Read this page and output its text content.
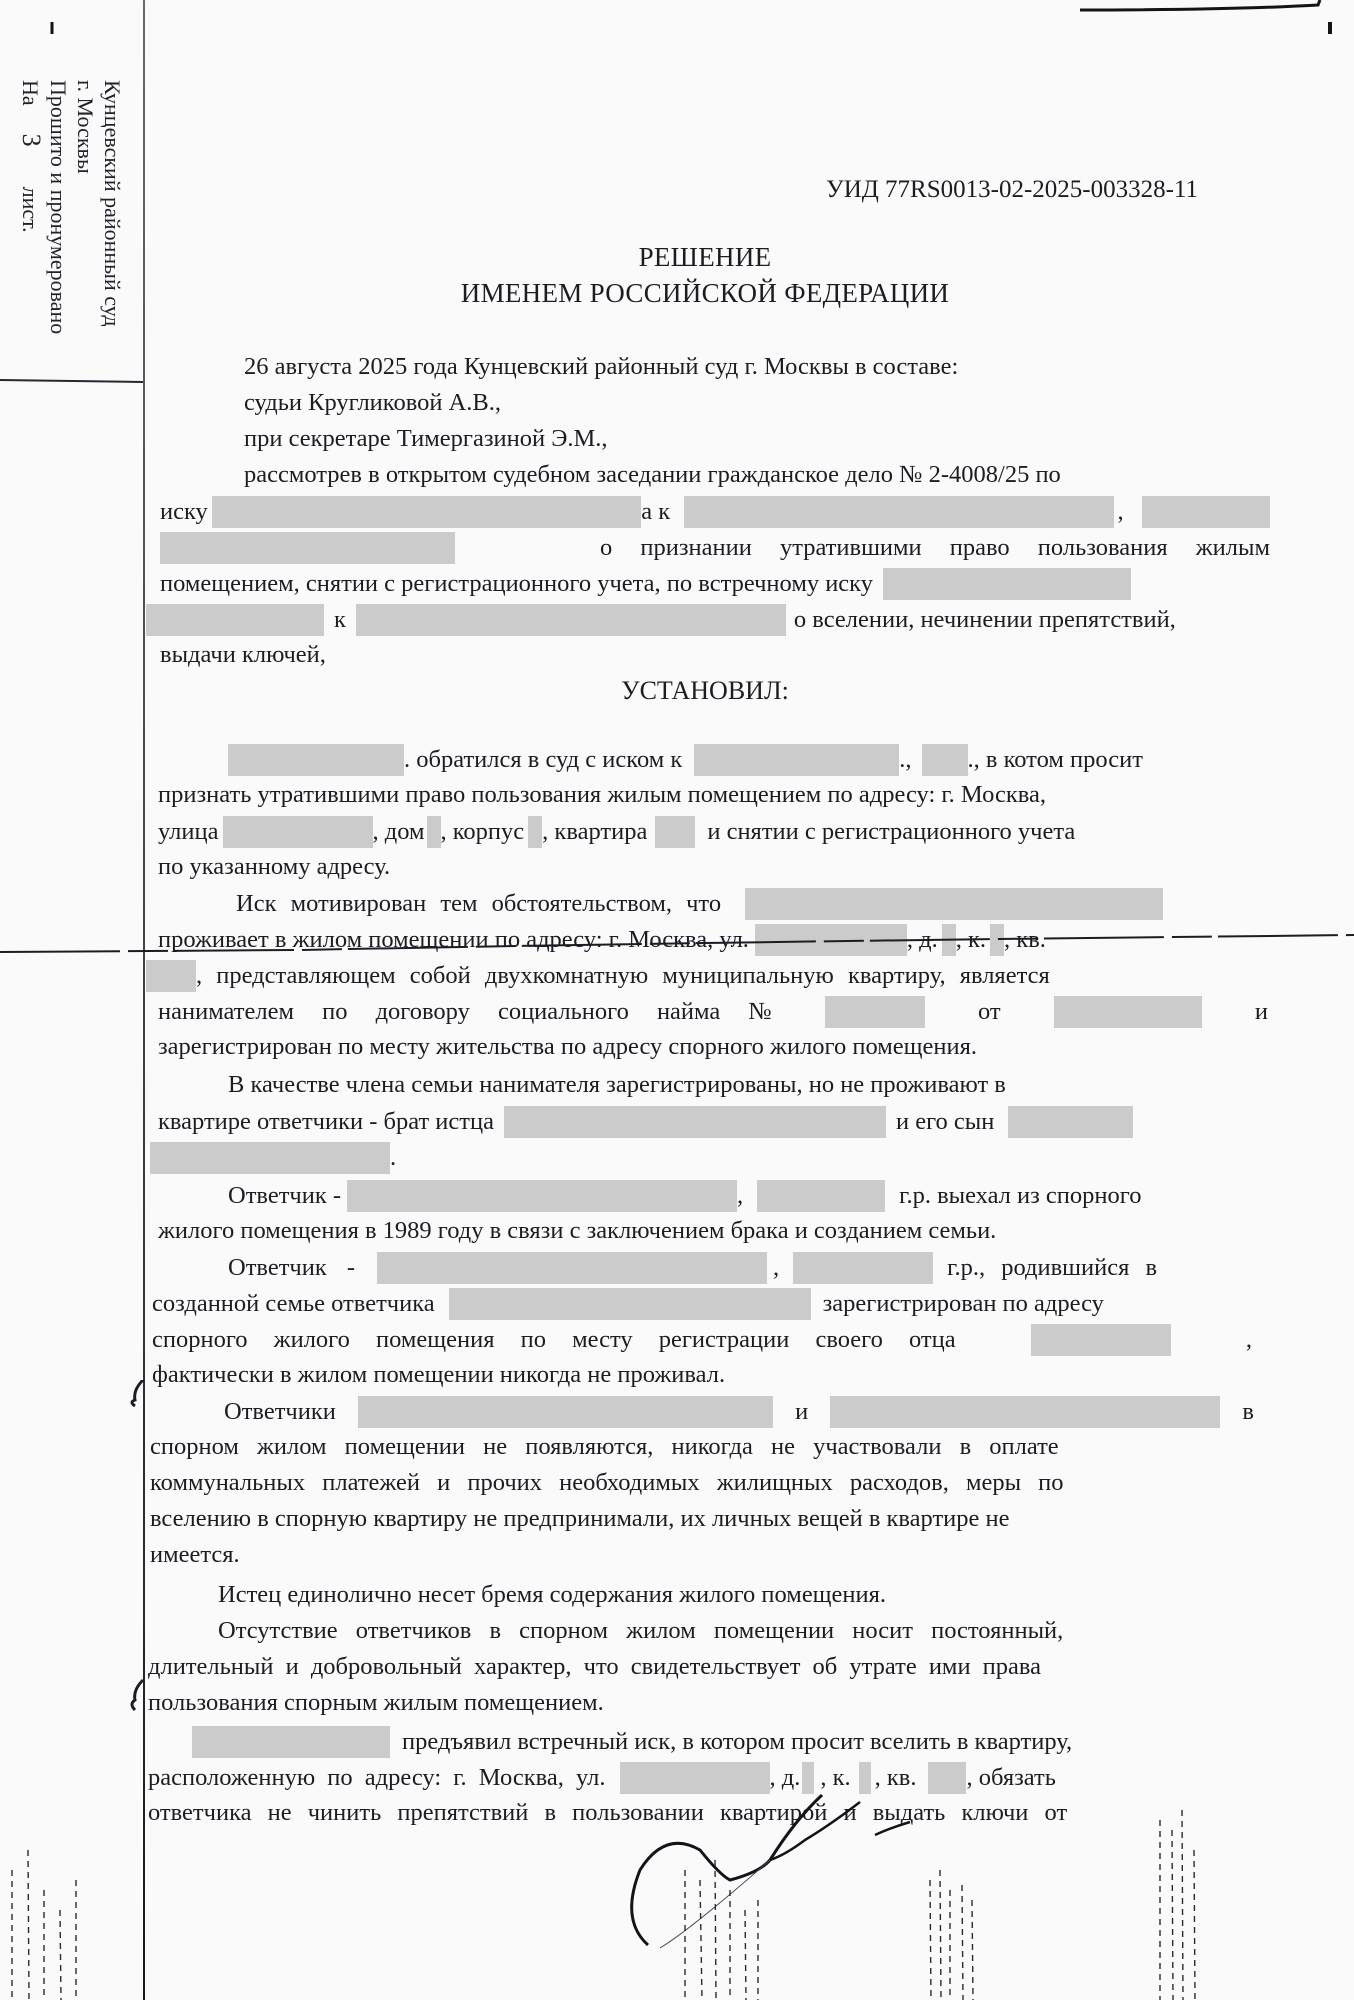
Кунцевский районный суд
г. Москвы
Прошито и пронумеровано
На3лист.	УИД 77RS0013-02-2025-003328-11
РЕШЕНИЕ
ИМЕНЕМ РОССИЙСКОЙ ФЕДЕРАЦИИ
26 августа 2025 года Кунцевский районный суд г. Москвы в составе:
судьи Кругликовой А.В.,
при секретаре Тимергазиной Э.М.,
рассмотрев в открытом судебном заседании гражданское дело № 2-4008/25 по
иску	а к	,
о признании утратившими право пользования жилым
помещением, снятии с регистрационного учета, по встречному иску
к	о вселении, нечинении препятствий,
выдачи ключей,
УСТАНОВИЛ:
. обратился в суд с иском к	., ., в котом просит
признать утратившими право пользования жилым помещением по адресу: г. Москва,
улица	, дом , корпус , квартира и снятии с регистрационного учета
по указанному адресу.
Иск мотивирован тем обстоятельством, что
проживает в жилом помещении по адресу: г. Москва, ул.	, д. , к. , кв.
, представляющем собой двухкомнатную муниципальную квартиру, является
нанимателем по договору социального найма №	от	и
зарегистрирован по месту жительства по адресу спорного жилого помещения.
В качестве члена семьи нанимателя зарегистрированы, но не проживают в
квартире ответчики - брат истца	и его сын
.
Ответчик -	,	г.р. выехал из спорного
жилого помещения в 1989 году в связи с заключением брака и созданием семьи.
Ответчик -	,	г.р., родившийся в
созданной семье ответчика	зарегистрирован по адресу
спорного жилого помещения по месту регистрации своего отца	,
фактически в жилом помещении никогда не проживал.
Ответчики	и	в
спорном жилом помещении не появляются, никогда не участвовали в оплате
коммунальных платежей и прочих необходимых жилищных расходов, меры по
вселению в спорную квартиру не предпринимали, их личных вещей в квартире не
имеется.
Истец единолично несет бремя содержания жилого помещения.
Отсутствие ответчиков в спорном жилом помещении носит постоянный,
длительный и добровольный характер, что свидетельствует об утрате ими права
пользования спорным жилым помещением.
предъявил встречный иск, в котором просит вселить в квартиру,
расположенную по адресу: г. Москва, ул.	, д. , к. , кв. , обязать
ответчика не чинить препятствий в пользовании квартирой и выдать ключи от
